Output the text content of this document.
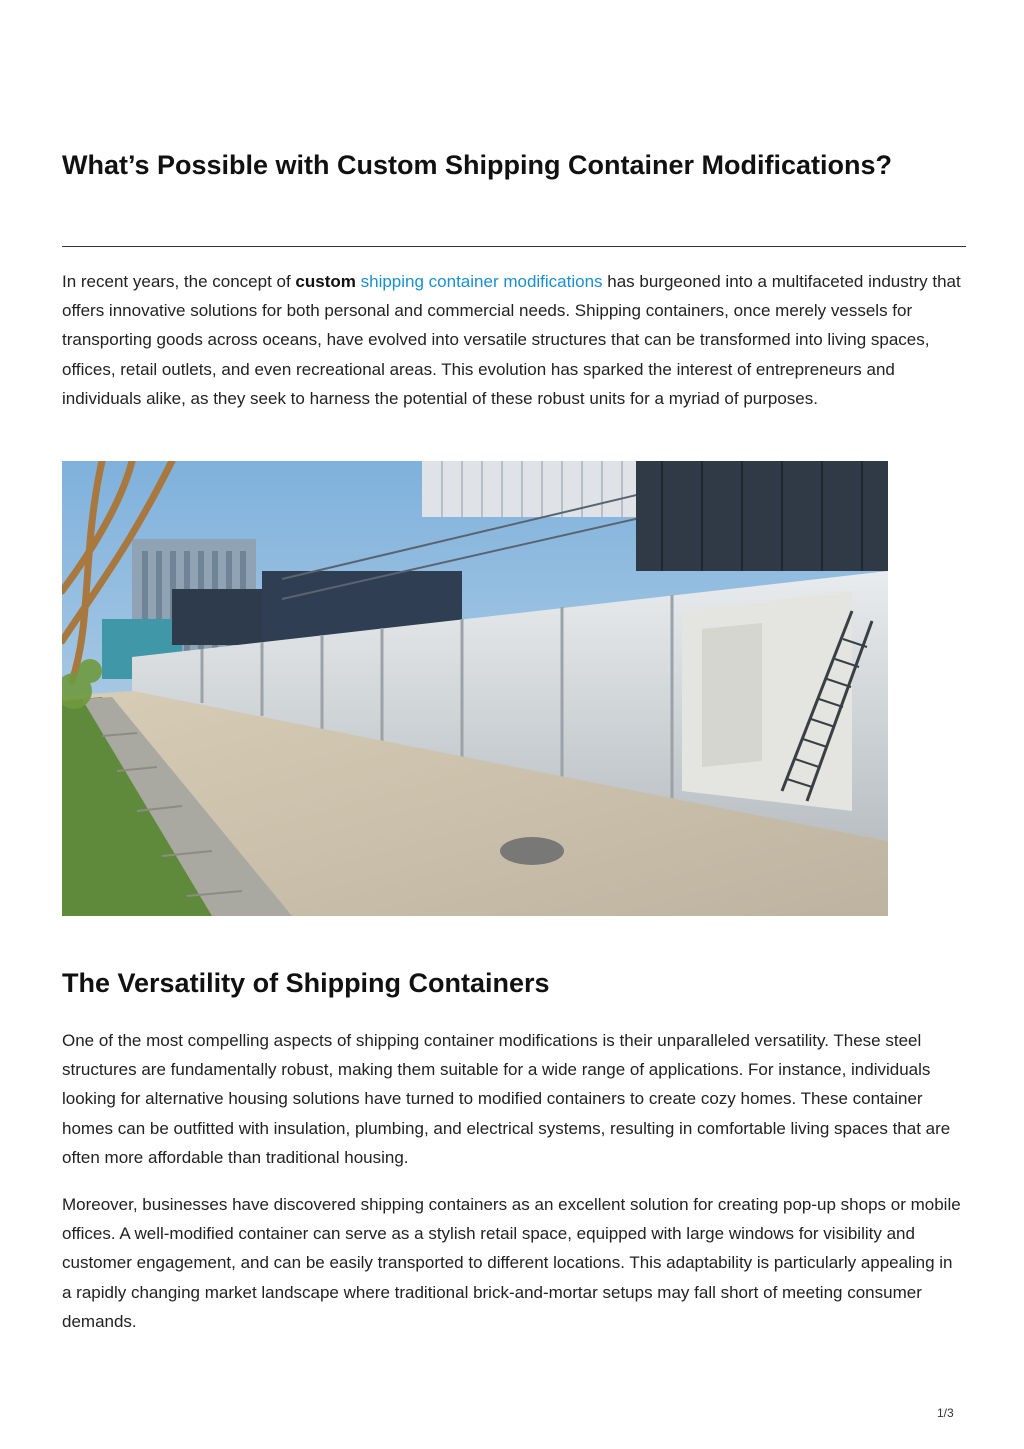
What’s Possible with Custom Shipping Container Modifications?

In recent years, the concept of custom shipping container modifications has burgeoned into a multifaceted industry that offers innovative solutions for both personal and commercial needs. Shipping containers, once merely vessels for transporting goods across oceans, have evolved into versatile structures that can be transformed into living spaces, offices, retail outlets, and even recreational areas. This evolution has sparked the interest of entrepreneurs and individuals alike, as they seek to harness the potential of these robust units for a myriad of purposes.

The Versatility of Shipping Containers

One of the most compelling aspects of shipping container modifications is their unparalleled versatility. These steel structures are fundamentally robust, making them suitable for a wide range of applications. For instance, individuals looking for alternative housing solutions have turned to modified containers to create cozy homes. These container homes can be outfitted with insulation, plumbing, and electrical systems, resulting in comfortable living spaces that are often more affordable than traditional housing.

Moreover, businesses have discovered shipping containers as an excellent solution for creating pop-up shops or mobile offices. A well-modified container can serve as a stylish retail space, equipped with large windows for visibility and customer engagement, and can be easily transported to different locations. This adaptability is particularly appealing in a rapidly changing market landscape where traditional brick-and-mortar setups may fall short of meeting consumer demands.

1/3
